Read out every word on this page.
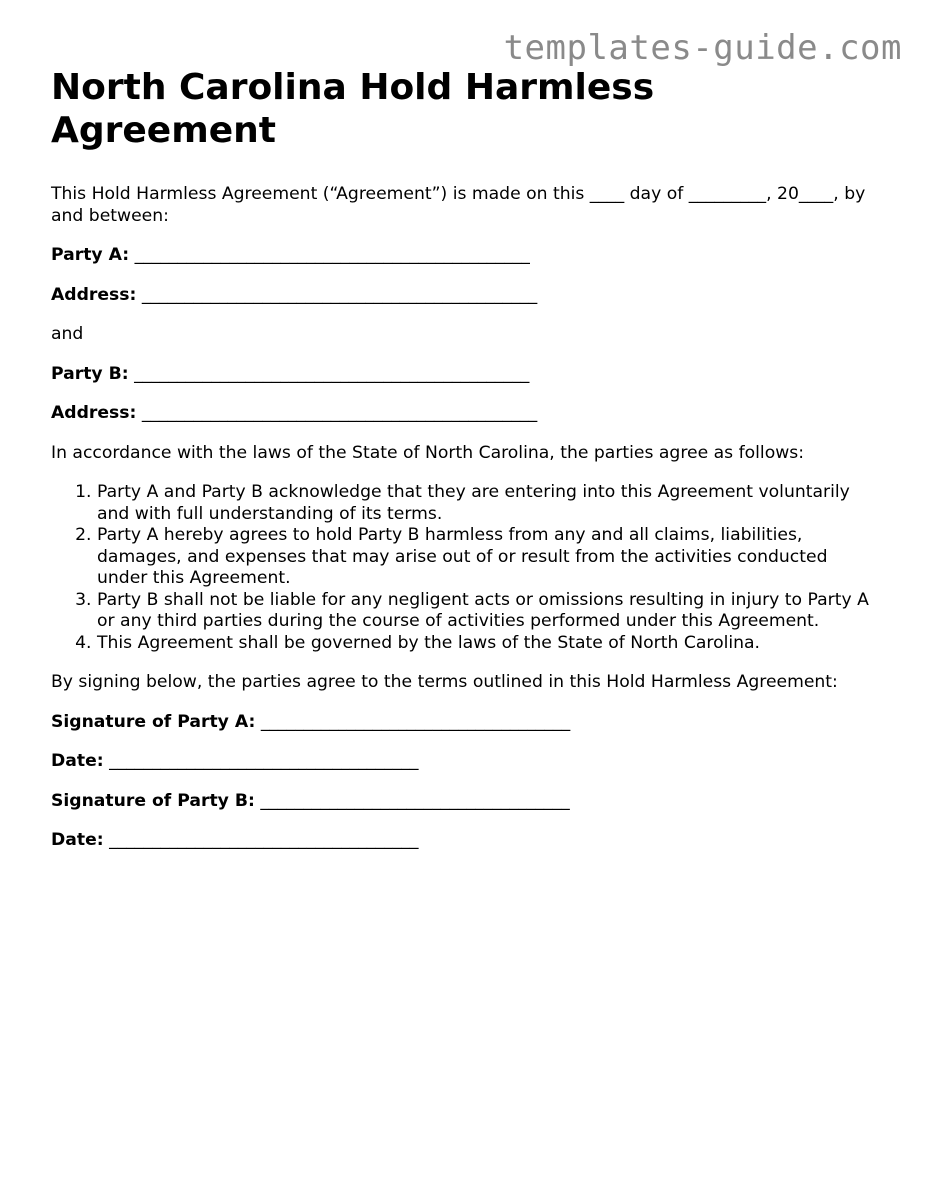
templates-guide.com
North Carolina Hold Harmless Agreement

This Hold Harmless Agreement (“Agreement”) is made on this ____ day of _________, 20____, by and between:

Party A: ______________________________________________

Address: ______________________________________________

and

Party B: ______________________________________________

Address: ______________________________________________

In accordance with the laws of the State of North Carolina, the parties agree as follows:

1. Party A and Party B acknowledge that they are entering into this Agreement voluntarily and with full understanding of its terms.
2. Party A hereby agrees to hold Party B harmless from any and all claims, liabilities, damages, and expenses that may arise out of or result from the activities conducted under this Agreement.
3. Party B shall not be liable for any negligent acts or omissions resulting in injury to Party A or any third parties during the course of activities performed under this Agreement.
4. This Agreement shall be governed by the laws of the State of North Carolina.

By signing below, the parties agree to the terms outlined in this Hold Harmless Agreement:

Signature of Party A: ____________________________________

Date: ____________________________________

Signature of Party B: ____________________________________

Date: ____________________________________
